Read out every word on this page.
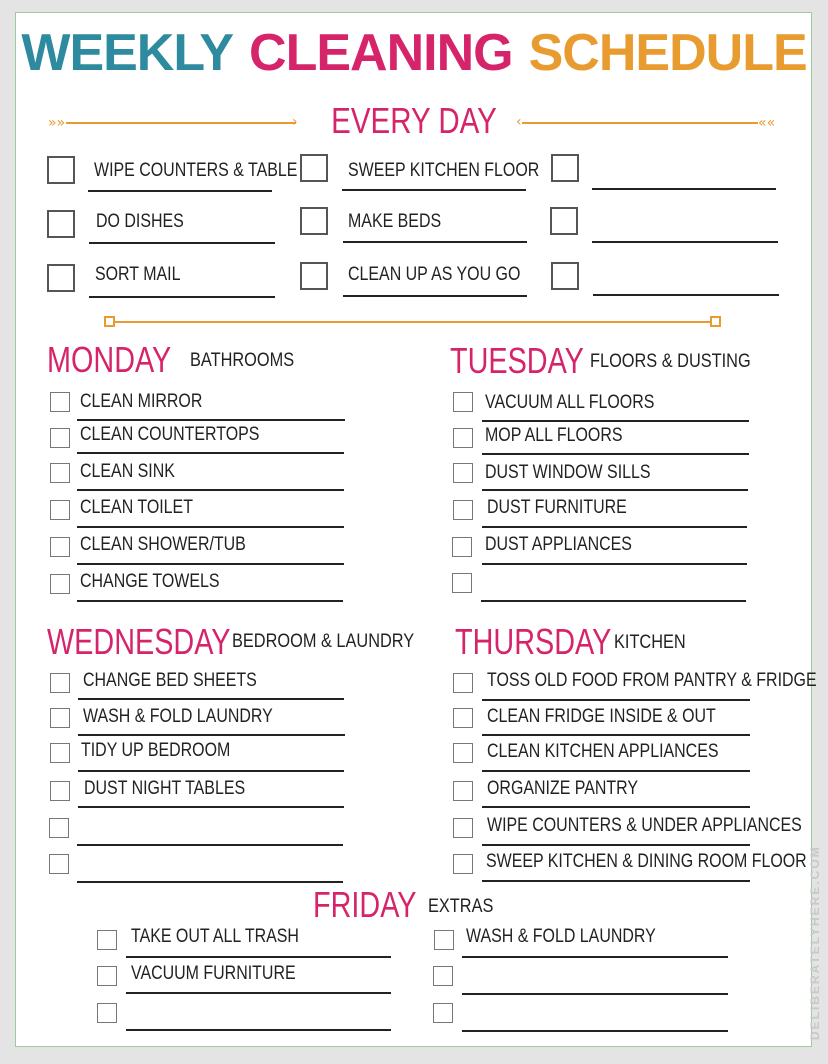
WEEKLY CLEANING SCHEDULE
»»	› EVERY DAY	‹	««
WIPE COUNTERS & TABLE	SWEEP KITCHEN FLOOR
DO DISHES	MAKE BEDS
SORT MAIL	CLEAN UP AS YOU GO
MONDAY BATHROOMS
CLEAN MIRROR
CLEAN COUNTERTOPS
CLEAN SINK
CLEAN TOILET
CLEAN SHOWER/TUB
CHANGE TOWELS
TUESDAY FLOORS & DUSTING
VACUUM ALL FLOORS
MOP ALL FLOORS
DUST WINDOW SILLS
DUST FURNITURE
DUST APPLIANCES
WEDNESDAY BEDROOM & LAUNDRY
CHANGE BED SHEETS
WASH & FOLD LAUNDRY
TIDY UP BEDROOM
DUST NIGHT TABLES
THURSDAY KITCHEN
TOSS OLD FOOD FROM PANTRY & FRIDGE
CLEAN FRIDGE INSIDE & OUT
CLEAN KITCHEN APPLIANCES
ORGANIZE PANTRY
WIPE COUNTERS & UNDER APPLIANCES
SWEEP KITCHEN & DINING ROOM FLOOR
FRIDAY EXTRAS
TAKE OUT ALL TRASH	WASH & FOLD LAUNDRY
VACUUM FURNITURE	DELIBERATELYHERE.COM
